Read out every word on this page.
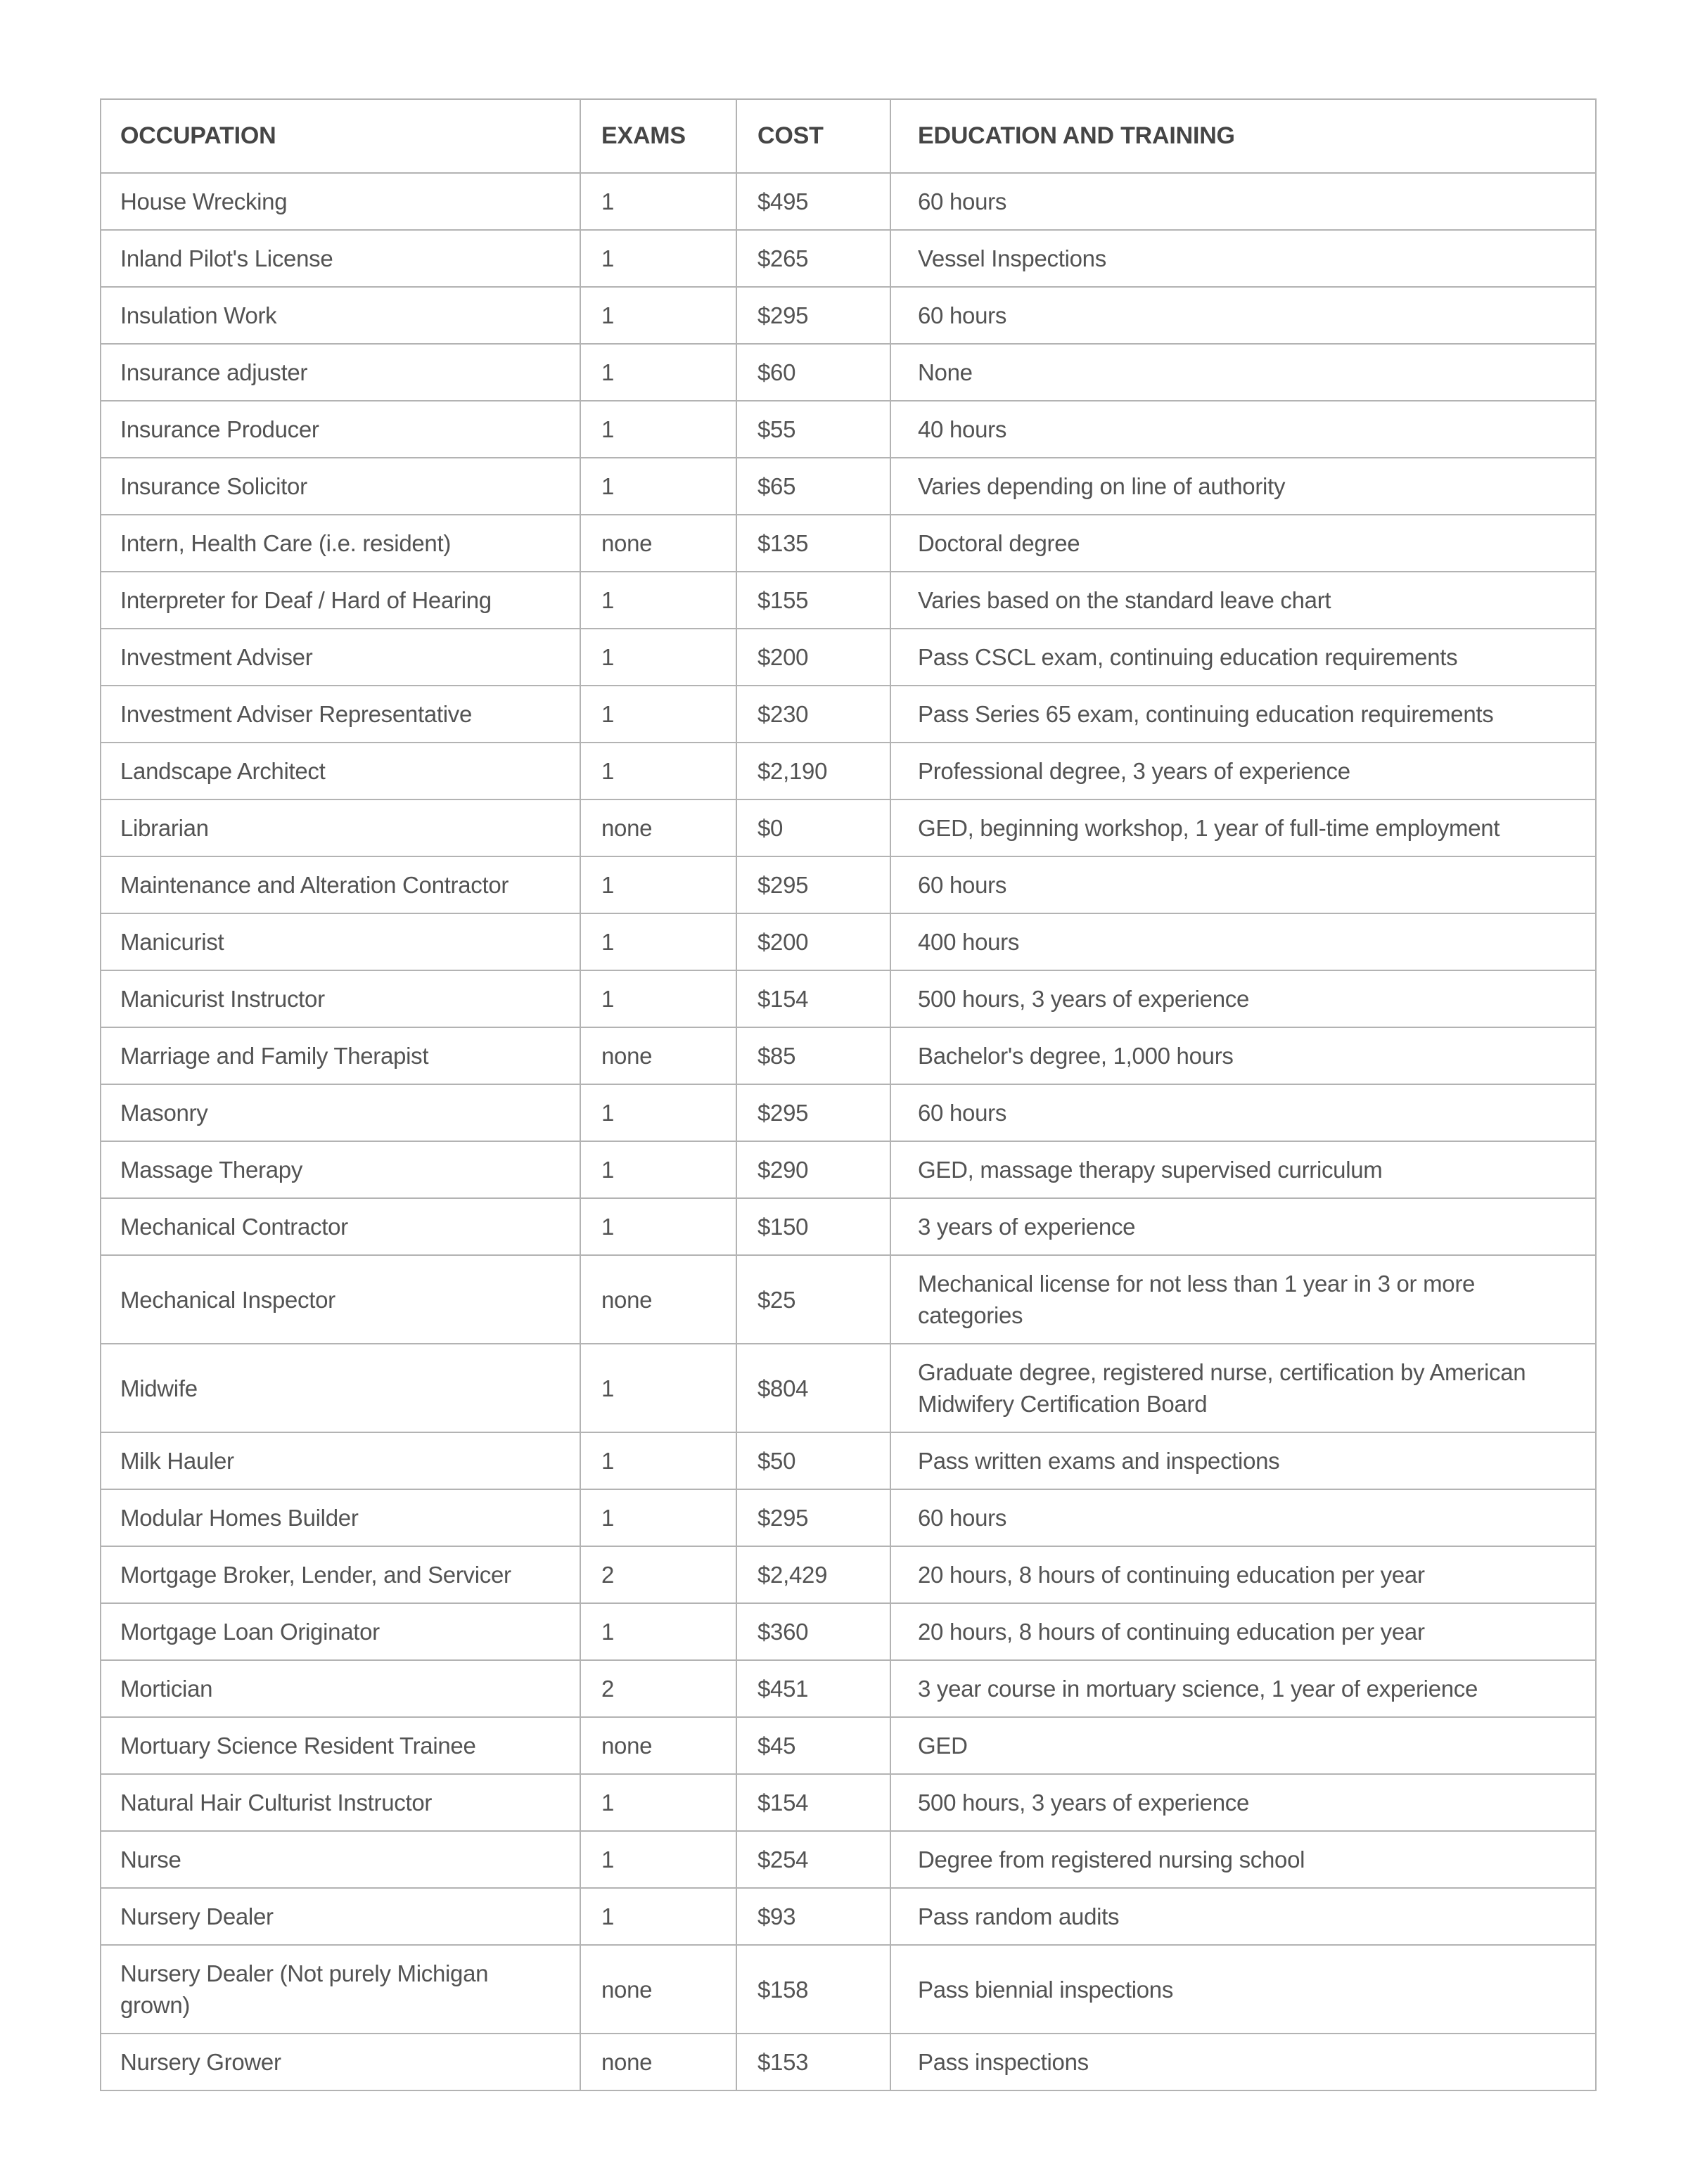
OCCUPATION	EXAMS	COST	EDUCATION AND TRAINING
House Wrecking	1	$495	60 hours
Inland Pilot's License	1	$265	Vessel Inspections
Insulation Work	1	$295	60 hours
Insurance adjuster	1	$60	None
Insurance Producer	1	$55	40 hours
Insurance Solicitor	1	$65	Varies depending on line of authority
Intern, Health Care (i.e. resident)	none	$135	Doctoral degree
Interpreter for Deaf / Hard of Hearing	1	$155	Varies based on the standard leave chart
Investment Adviser	1	$200	Pass CSCL exam, continuing education requirements
Investment Adviser Representative	1	$230	Pass Series 65 exam, continuing education requirements
Landscape Architect	1	$2,190	Professional degree, 3 years of experience
Librarian	none	$0	GED, beginning workshop, 1 year of full-time employment
Maintenance and Alteration Contractor	1	$295	60 hours
Manicurist	1	$200	400 hours
Manicurist Instructor	1	$154	500 hours, 3 years of experience
Marriage and Family Therapist	none	$85	Bachelor's degree, 1,000 hours
Masonry	1	$295	60 hours
Massage Therapy	1	$290	GED, massage therapy supervised curriculum
Mechanical Contractor	1	$150	3 years of experience
Mechanical Inspector	none	$25	Mechanical license for not less than 1 year in 3 or more categories
Midwife	1	$804	Graduate degree, registered nurse, certification by American Midwifery Certification Board
Milk Hauler	1	$50	Pass written exams and inspections
Modular Homes Builder	1	$295	60 hours
Mortgage Broker, Lender, and Servicer	2	$2,429	20 hours, 8 hours of continuing education per year
Mortgage Loan Originator	1	$360	20 hours, 8 hours of continuing education per year
Mortician	2	$451	3 year course in mortuary science, 1 year of experience
Mortuary Science Resident Trainee	none	$45	GED
Natural Hair Culturist Instructor	1	$154	500 hours, 3 years of experience
Nurse	1	$254	Degree from registered nursing school
Nursery Dealer	1	$93	Pass random audits
Nursery Dealer (Not purely Michigan grown)	none	$158	Pass biennial inspections
Nursery Grower	none	$153	Pass inspections
